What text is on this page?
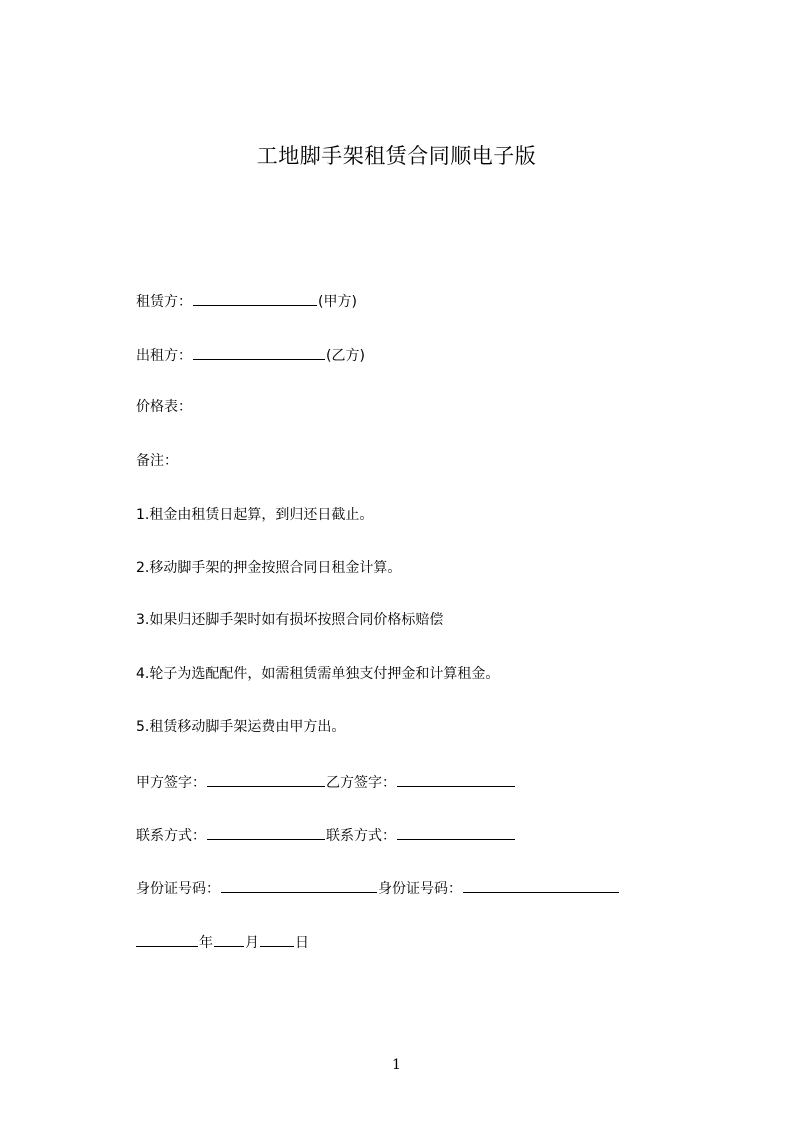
工地脚手架租赁合同顺电子版
租赁方：	(甲方)
出租方：	(乙方)
价格表：
备注：
1.租金由租赁日起算，到归还日截止。
2.移动脚手架的押金按照合同日租金计算。
3.如果归还脚手架时如有损坏按照合同价格标赔偿
4.轮子为选配配件，如需租赁需单独支付押金和计算租金。
5.租赁移动脚手架运费由甲方出。
甲方签字：	乙方签字：
联系方式：	联系方式：
身份证号码：	身份证号码：
年 月	日
1
